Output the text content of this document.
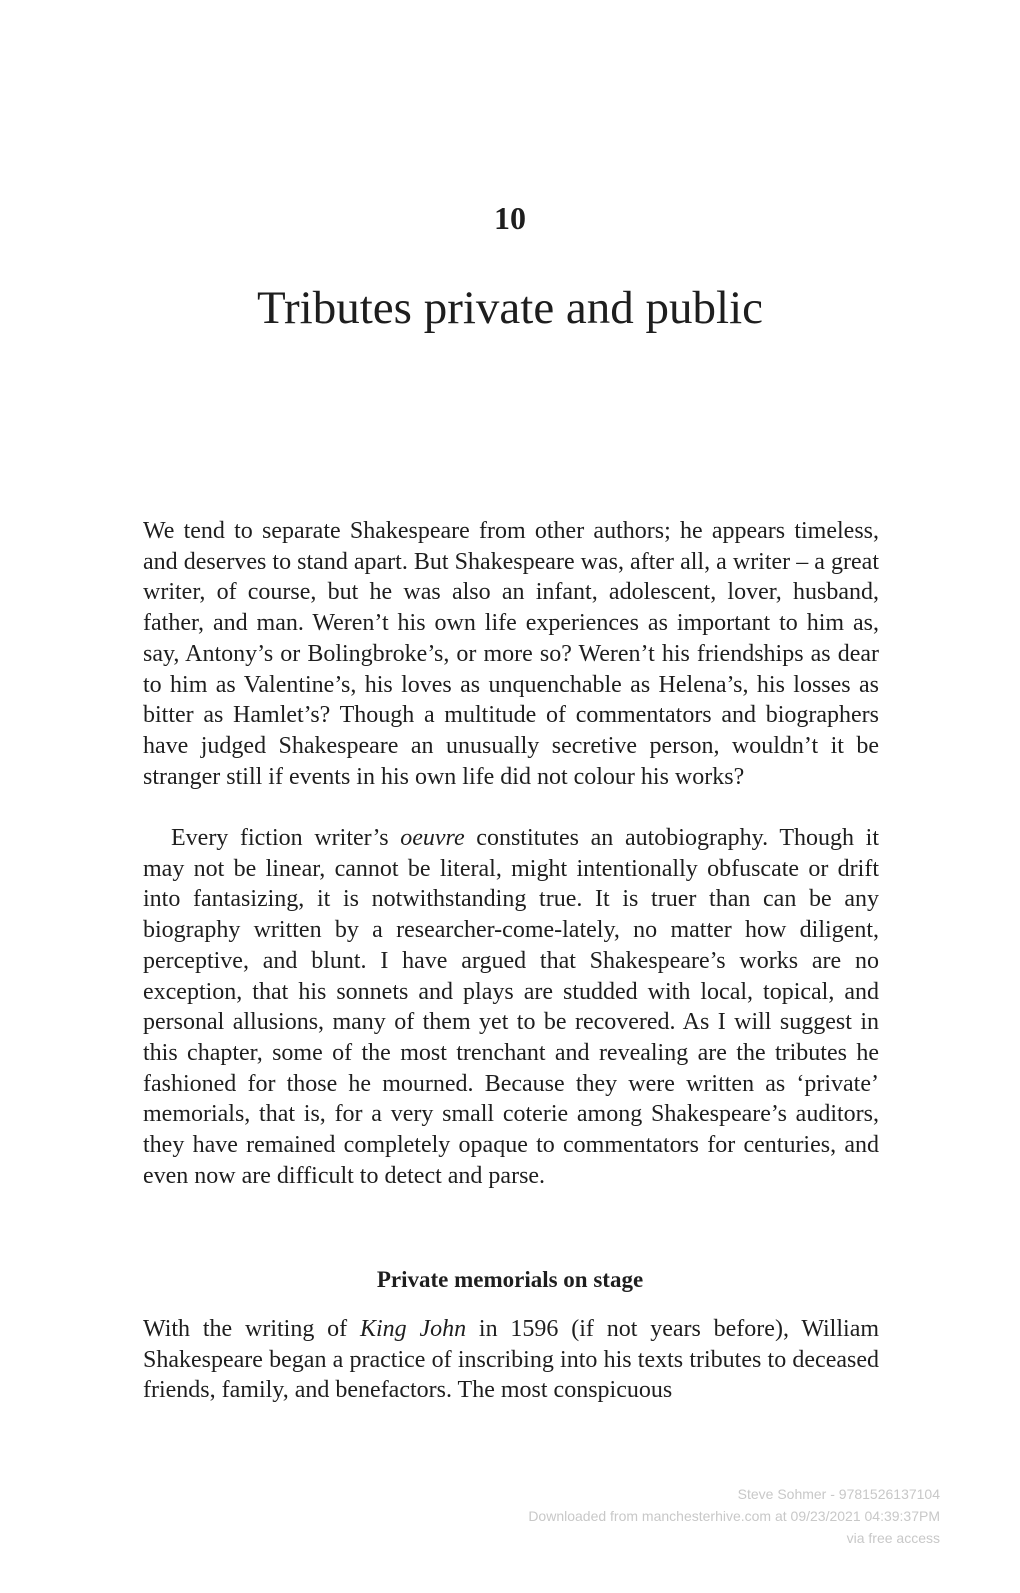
10
Tributes private and public

We tend to separate Shakespeare from other authors; he appears timeless, and deserves to stand apart. But Shakespeare was, after all, a writer – a great writer, of course, but he was also an infant, adolescent, lover, husband, father, and man. Weren’t his own life experiences as important to him as, say, Antony’s or Bolingbroke’s, or more so? Weren’t his friendships as dear to him as Valentine’s, his loves as unquenchable as Helena’s, his losses as bitter as Hamlet’s? Though a multitude of commentators and biographers have judged Shakespeare an unusually secretive person, wouldn’t it be stranger still if events in his own life did not colour his works?

Every fiction writer’s oeuvre constitutes an autobiography. Though it may not be linear, cannot be literal, might intentionally obfuscate or drift into fantasizing, it is notwithstanding true. It is truer than can be any biography written by a researcher-come-lately, no matter how diligent, perceptive, and blunt. I have argued that Shakespeare’s works are no exception, that his sonnets and plays are studded with local, topical, and personal allusions, many of them yet to be recovered. As I will suggest in this chapter, some of the most trenchant and revealing are the tributes he fashioned for those he mourned. Because they were written as ‘private’ memorials, that is, for a very small coterie among Shakespeare’s auditors, they have remained completely opaque to commentators for centuries, and even now are difficult to detect and parse.

Private memorials on stage

With the writing of King John in 1596 (if not years before), William Shakespeare began a practice of inscribing into his texts tributes to deceased friends, family, and benefactors. The most conspicuous

Steve Sohmer - 9781526137104
Downloaded from manchesterhive.com at 09/23/2021 04:39:37PM
via free access
